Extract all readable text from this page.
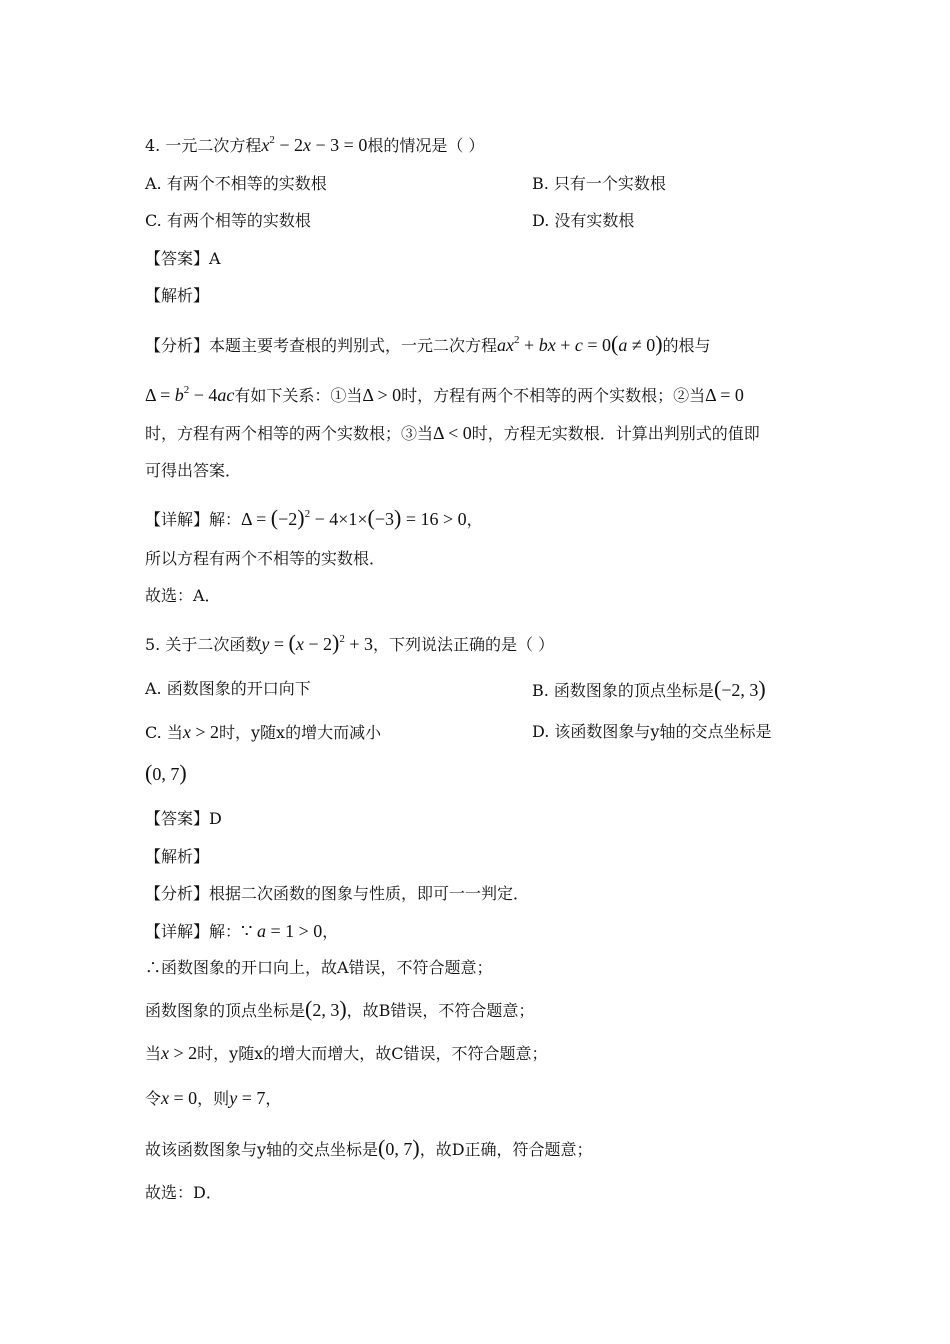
4. 一元二次方程$x^2 - 2x - 3 = 0$根的情况是（ ）
A. 有两个不相等的实数根	B. 只有一个实数根
C. 有两个相等的实数根	D. 没有实数根
【答案】A
【解析】
【分析】本题主要考查根的判别式，一元二次方程$ax^2$ + bx + c = 0(a ≠ 0)的根与
$\Delta = b^2 - 4ac$有如下关系：①当Δ > 0时，方程有两个不相等的两个实数根；②当Δ = 0
时，方程有两个相等的两个实数根；③当Δ < 0时，方程无实数根．计算出判别式的值即
可得出答案．
【详解】解：$\Delta = (-2)^2 - 4\times 1\times(-3) = 16 > 0$，
所以方程有两个不相等的实数根．
故选：A．
5. 关于二次函数$y = (x - 2)^2 + 3$，下列说法正确的是（ ）
A. 函数图象的开口向下	B. 函数图象的顶点坐标是(−2, 3)
C. 当x > 2时，y随x的增大而减小	D. 该函数图象与y轴的交点坐标是
(0, 7)
【答案】D
【解析】
【分析】根据二次函数的图象与性质，即可一一判定．
【详解】解：∵ a = 1 > 0，
∴函数图象的开口向上，故A错误，不符合题意；
函数图象的顶点坐标是(2, 3)，故B错误，不符合题意；
当x > 2时，y随x的增大而增大，故C错误，不符合题意；
令x = 0，则y = 7，
故该函数图象与y轴的交点坐标是(0, 7)，故D正确，符合题意；
故选：D．
